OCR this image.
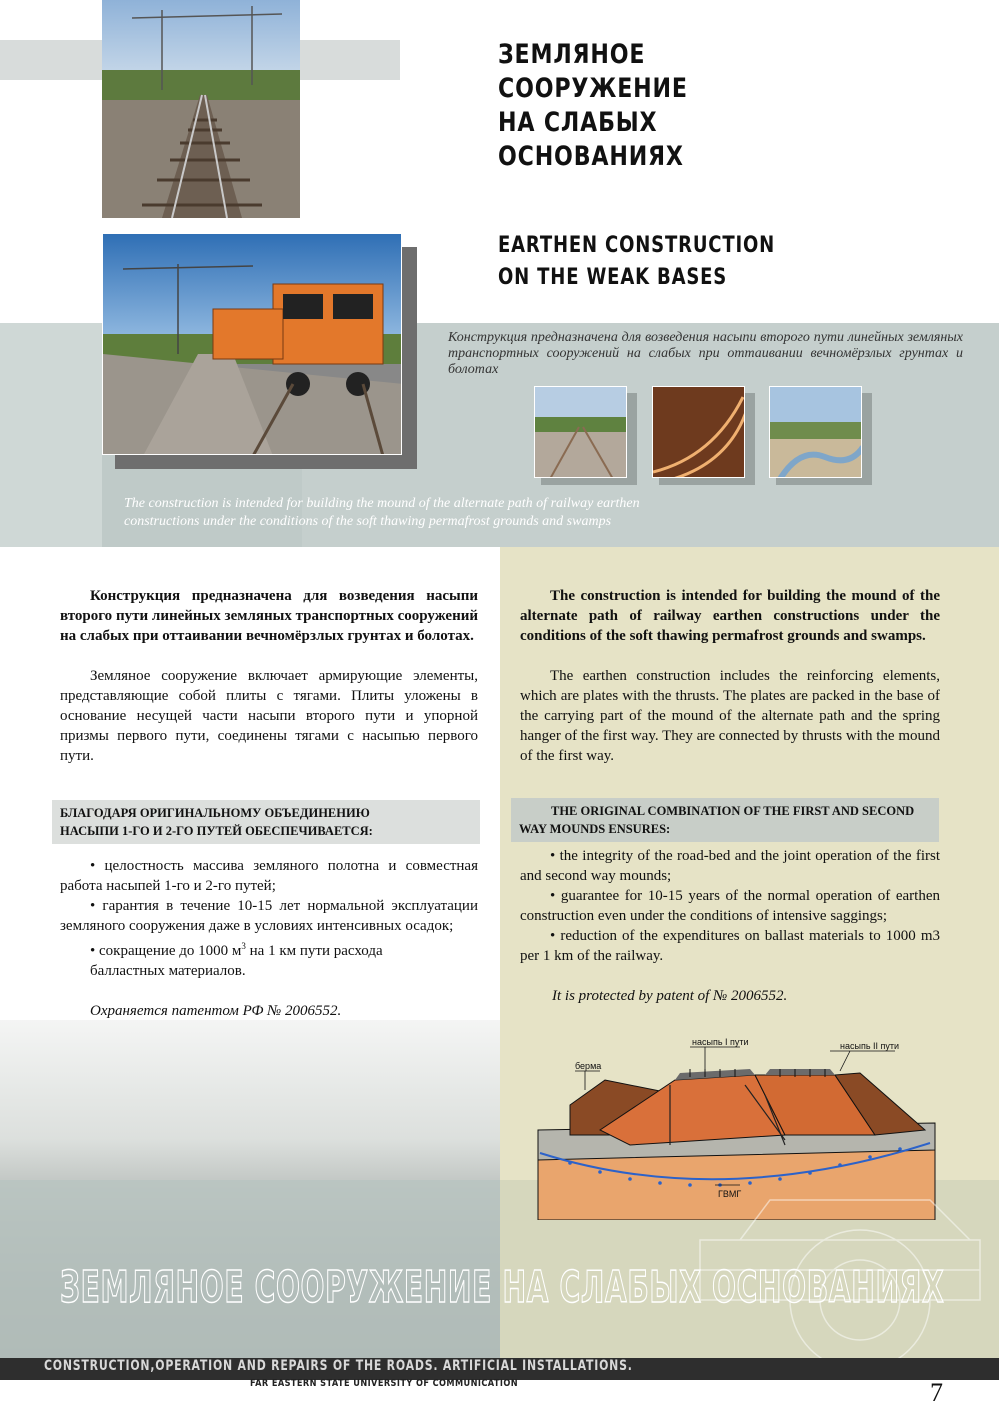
ЗЕМЛЯНОЕ СООРУЖЕНИЕ
НА СЛАБЫХ ОСНОВАНИЯХ
EARTHEN CONSTRUCTION
ON THE WEAK BASES
Конструкция предназначена для возведения насыпи второго пути линейных земляных транспортных сооружений на слабых при оттаивании вечномёрзлых грунтах и болотах
The construction is intended for building the mound of the alternate path of railway earthen constructions under the conditions of the soft thawing permafrost grounds and swamps

Конструкция предназначена для возведения насыпи второго пути линейных земляных транспортных сооружений на слабых при оттаивании вечномёрзлых грунтах и болотах.

Земляное сооружение включает армирующие элементы, представляющие собой плиты с тягами. Плиты уложены в основание несущей части насыпи второго пути и упорной призмы первого пути, соединены тягами с насыпью первого пути.

БЛАГОДАРЯ ОРИГИНАЛЬНОМУ ОБЪЕДИНЕНИЮ
НАСЫПИ 1-ГО И 2-ГО ПУТЕЙ ОБЕСПЕЧИВАЕТСЯ:

• целостность массива земляного полотна и совместная работа насыпей 1-го и 2-го путей;

• гарантия в течение 10-15 лет нормальной эксплуатации земляного сооружения даже в условиях интенсивных осадок;

• сокращение до 1000 $м^3$ на 1 км пути расхода

балластных материалов.

Охраняется патентом РФ № 2006552.

The construction is intended for building the mound of the alternate path of railway earthen constructions under the conditions of the soft thawing permafrost grounds and swamps.

The earthen construction includes the reinforcing elements, which are plates with the thrusts. The plates are packed in the base of the carrying part of the mound of the alternate path and the spring hanger of the first way. They are connected by thrusts with the mound of the first way.

THE ORIGINAL COMBINATION OF THE FIRST AND SECOND
WAY MOUNDS ENSURES:

• the integrity of the road-bed and the joint operation of the first and second way mounds;

• guarantee for 10-15 years of the normal operation of earthen construction even under the conditions of intensive saggings;

• reduction of the expenditures on ballast materials to 1000 m3 per 1 km of the railway.

It is protected by patent of № 2006552.

насыпь I пути	насыпь II пути
берма
ГВМГ
ЗЕМЛЯНОЕ СООРУЖЕНИЕ НА СЛАБЫХ ОСНОВАНИЯХ
CONSTRUCTION,OPERATION AND REPAIRS OF THE ROADS. ARTIFICIAL INSTALLATIONS.
FAR EASTERN STATE UNIVERSITY OF COMMUNICATION	7
